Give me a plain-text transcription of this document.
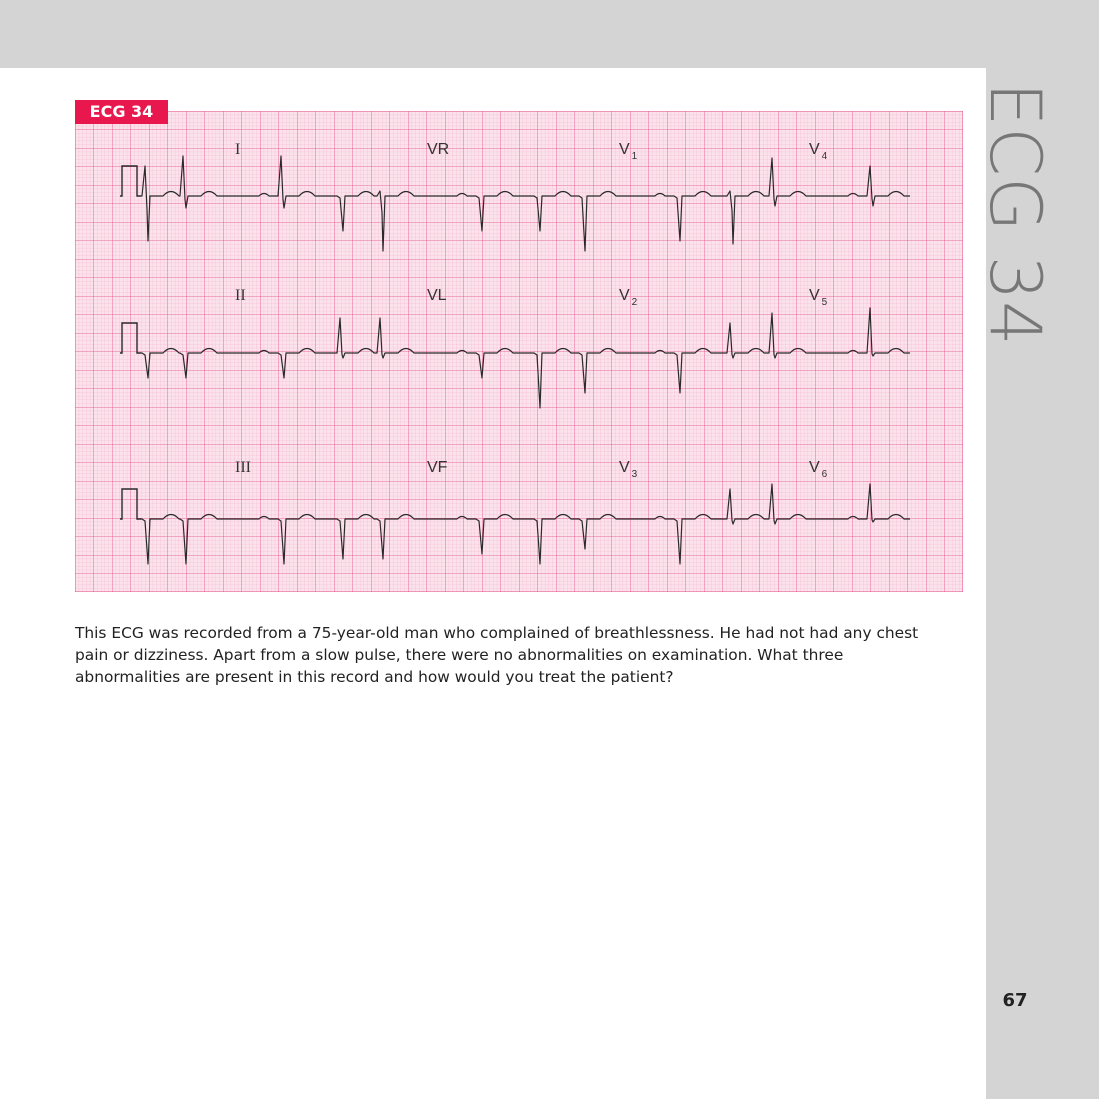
ECG 34
I	VR	V $_1$	V $_4$
II	VL	V $_2$	V $_5$
III	VF	V $_3$	V $_6$
ECG 34
This ECG was recorded from a 75-year-old man who complained of breathlessness. He had not had any chest pain or dizziness. Apart from a slow pulse, there were no abnormalities on examination. What three abnormalities are present in this record and how would you treat the patient?
67
